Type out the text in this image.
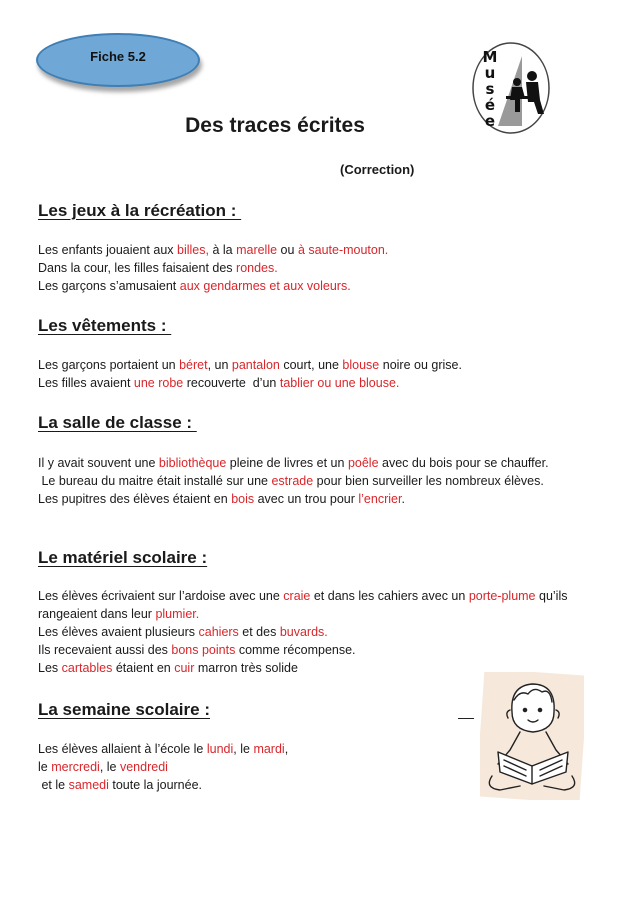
Fiche 5.2	M
u
s
é
e
Des traces écrites
(Correction)
Les jeux à la récréation :

Les enfants jouaient aux billes, à la marelle ou à saute-mouton.

Dans la cour, les filles faisaient des rondes.

Les garçons s’amusaient aux gendarmes et aux voleurs.

Les vêtements :

Les garçons portaient un béret, un pantalon court, une blouse noire ou grise.

Les filles avaient une robe recouverte  d’un tablier ou une blouse.

La salle de classe :

Il y avait souvent une bibliothèque pleine de livres et un poêle avec du bois pour se chauffer.

Le bureau du maitre était installé sur une estrade pour bien surveiller les nombreux élèves.

Les pupitres des élèves étaient en bois avec un trou pour l’encrier.

Le matériel scolaire :

Les élèves écrivaient sur l’ardoise avec une craie et dans les cahiers avec un porte-plume qu’ils rangeaient dans leur plumier.

Les élèves avaient plusieurs cahiers et des buvards.

Ils recevaient aussi des bons points comme récompense.

Les cartables étaient en cuir marron très solide

La semaine scolaire :

Les élèves allaient à l’école le lundi, le mardi,

le mercredi, le vendredi

et le samedi toute la journée.
